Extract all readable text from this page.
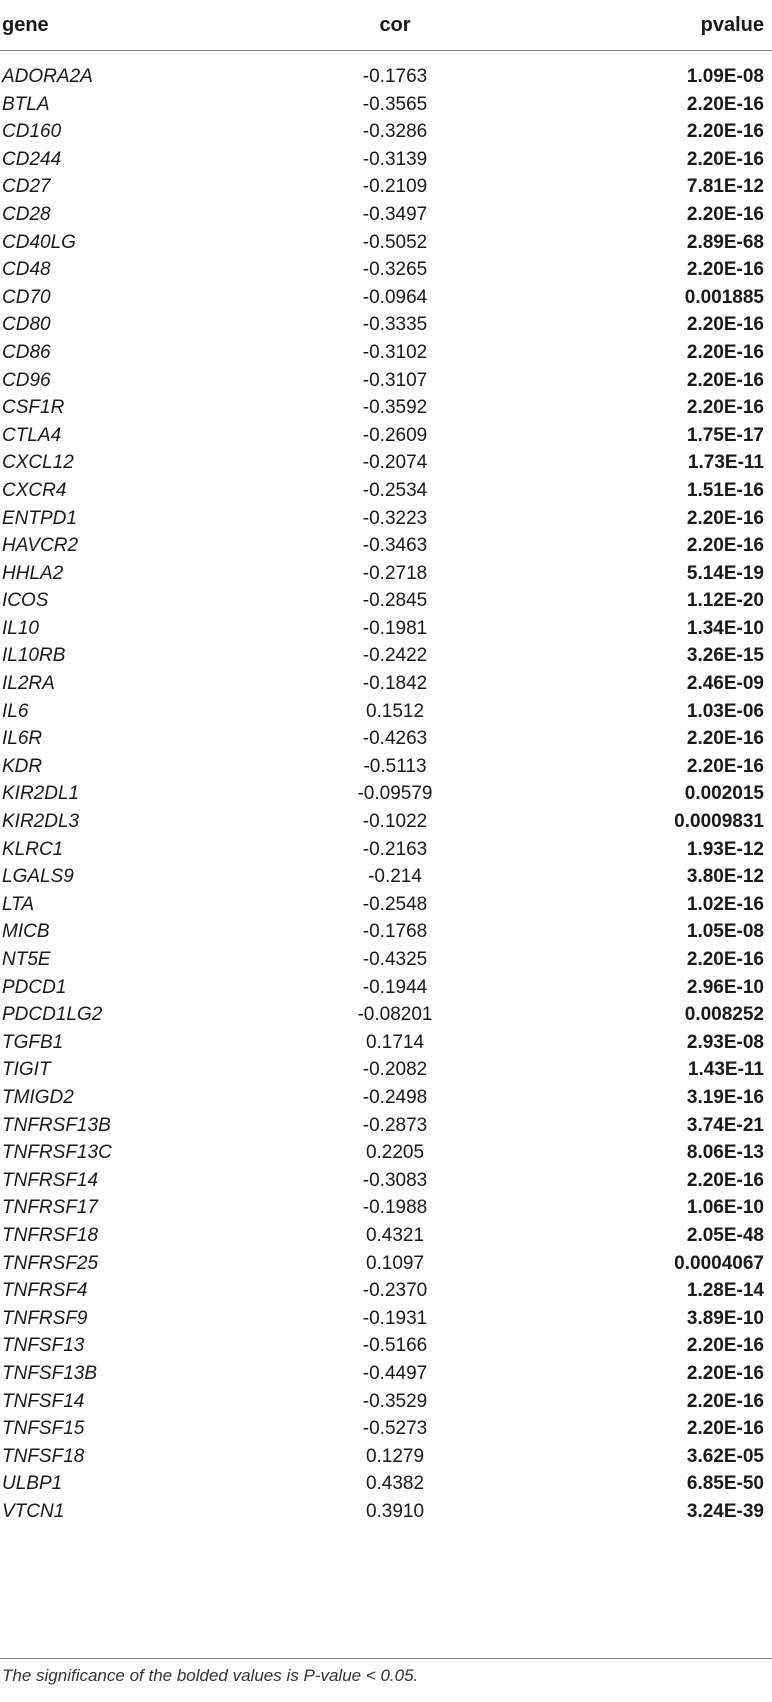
gene	cor	pvalue

ADORA2A	-0.1763	1.09E-08
BTLA	-0.3565	2.20E-16
CD160	-0.3286	2.20E-16
CD244	-0.3139	2.20E-16
CD27	-0.2109	7.81E-12
CD28	-0.3497	2.20E-16
CD40LG	-0.5052	2.89E-68
CD48	-0.3265	2.20E-16
CD70	-0.0964	0.001885
CD80	-0.3335	2.20E-16
CD86	-0.3102	2.20E-16
CD96	-0.3107	2.20E-16
CSF1R	-0.3592	2.20E-16
CTLA4	-0.2609	1.75E-17
CXCL12	-0.2074	1.73E-11
CXCR4	-0.2534	1.51E-16
ENTPD1	-0.3223	2.20E-16
HAVCR2	-0.3463	2.20E-16
HHLA2	-0.2718	5.14E-19
ICOS	-0.2845	1.12E-20
IL10	-0.1981	1.34E-10
IL10RB	-0.2422	3.26E-15
IL2RA	-0.1842	2.46E-09
IL6	0.1512	1.03E-06
IL6R	-0.4263	2.20E-16
KDR	-0.5113	2.20E-16
KIR2DL1	-0.09579	0.002015
KIR2DL3	-0.1022	0.0009831
KLRC1	-0.2163	1.93E-12
LGALS9	-0.214	3.80E-12
LTA	-0.2548	1.02E-16
MICB	-0.1768	1.05E-08
NT5E	-0.4325	2.20E-16
PDCD1	-0.1944	2.96E-10
PDCD1LG2	-0.08201	0.008252
TGFB1	0.1714	2.93E-08
TIGIT	-0.2082	1.43E-11
TMIGD2	-0.2498	3.19E-16
TNFRSF13B	-0.2873	3.74E-21
TNFRSF13C	0.2205	8.06E-13
TNFRSF14	-0.3083	2.20E-16
TNFRSF17	-0.1988	1.06E-10
TNFRSF18	0.4321	2.05E-48
TNFRSF25	0.1097	0.0004067
TNFRSF4	-0.2370	1.28E-14
TNFRSF9	-0.1931	3.89E-10
TNFSF13	-0.5166	2.20E-16
TNFSF13B	-0.4497	2.20E-16
TNFSF14	-0.3529	2.20E-16
TNFSF15	-0.5273	2.20E-16
TNFSF18	0.1279	3.62E-05
ULBP1	0.4382	6.85E-50
VTCN1	0.3910	3.24E-39
The significance of the bolded values is P-value < 0.05.
